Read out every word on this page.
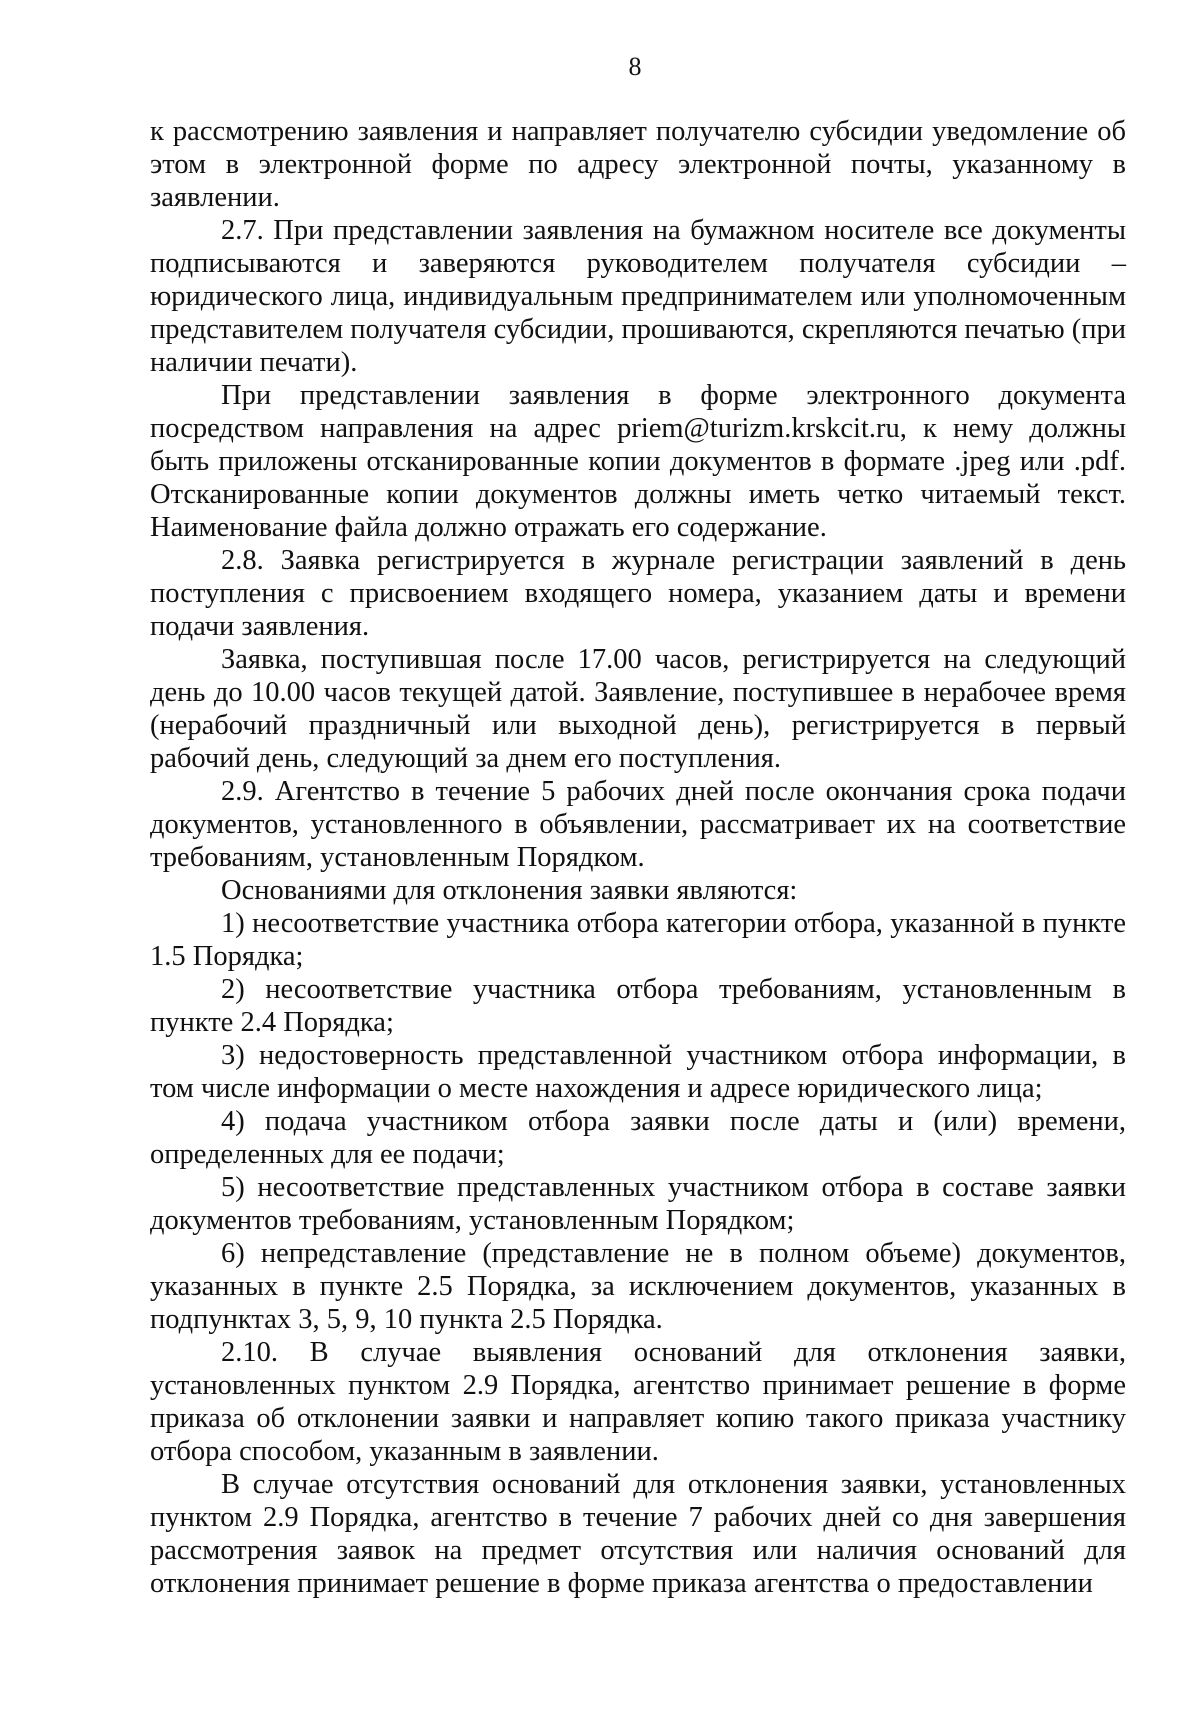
8

к рассмотрению заявления и направляет получателю субсидии уведомление об этом в электронной форме по адресу электронной почты, указанному в заявлении.

2.7. При представлении заявления на бумажном носителе все документы подписываются и заверяются руководителем получателя субсидии – юридического лица, индивидуальным предпринимателем или уполномоченным представителем получателя субсидии, прошиваются, скрепляются печатью (при наличии печати).

При представлении заявления в форме электронного документа посредством направления на адрес priem@turizm.krskcit.ru, к нему должны быть приложены отсканированные копии документов в формате .jpeg или .pdf. Отсканированные копии документов должны иметь четко читаемый текст. Наименование файла должно отражать его содержание.

2.8. Заявка регистрируется в журнале регистрации заявлений в день поступления с присвоением входящего номера, указанием даты и времени подачи заявления.

Заявка, поступившая после 17.00 часов, регистрируется на следующий день до 10.00 часов текущей датой. Заявление, поступившее в нерабочее время (нерабочий праздничный или выходной день), регистрируется в первый рабочий день, следующий за днем его поступления.

2.9. Агентство в течение 5 рабочих дней после окончания срока подачи документов, установленного в объявлении, рассматривает их на соответствие требованиям, установленным Порядком.

Основаниями для отклонения заявки являются:

1) несоответствие участника отбора категории отбора, указанной в пункте 1.5 Порядка;

2) несоответствие участника отбора требованиям, установленным в пункте 2.4 Порядка;

3) недостоверность представленной участником отбора информации, в том числе информации о месте нахождения и адресе юридического лица;

4) подача участником отбора заявки после даты и (или) времени, определенных для ее подачи;

5) несоответствие представленных участником отбора в составе заявки документов требованиям, установленным Порядком;

6) непредставление (представление не в полном объеме) документов, указанных в пункте 2.5 Порядка, за исключением документов, указанных в подпунктах 3, 5, 9, 10 пункта 2.5 Порядка.

2.10. В случае выявления оснований для отклонения заявки, установленных пунктом 2.9 Порядка, агентство принимает решение в форме приказа об отклонении заявки и направляет копию такого приказа участнику отбора способом, указанным в заявлении.

В случае отсутствия оснований для отклонения заявки, установленных пунктом 2.9 Порядка, агентство в течение 7 рабочих дней со дня завершения рассмотрения заявок на предмет отсутствия или наличия оснований для отклонения принимает решение в форме приказа агентства о предоставлении
